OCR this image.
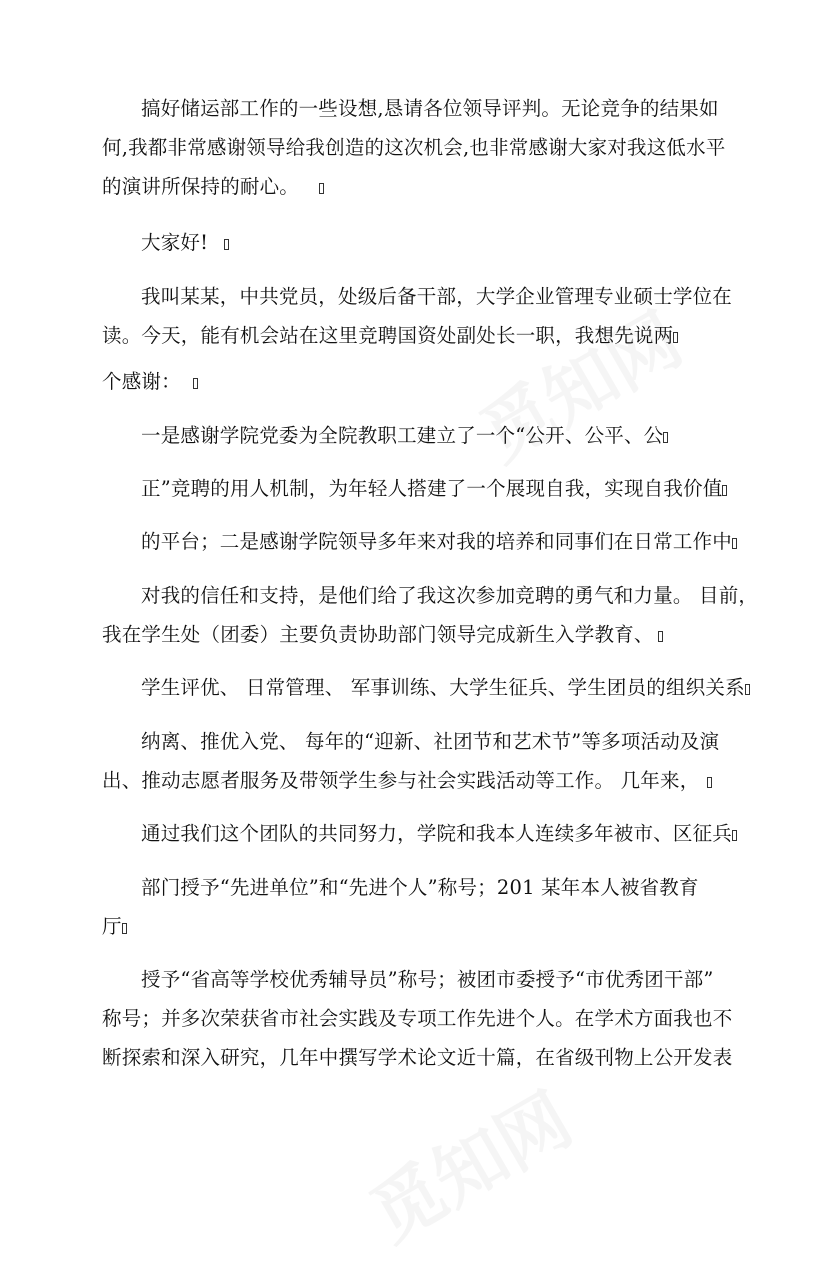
搞好储运部工作的一些设想,恳请各位领导评判。无论竞争的结果如
何,我都非常感谢领导给我创造的这次机会,也非常感谢大家对我这低水平
的演讲所保持的耐心。
大家好!
我叫某某，中共党员，处级后备干部，大学企业管理专业硕士学位在
读。今天，能有机会站在这里竞聘国资处副处长一职，我想先说两
个感谢：
一是感谢学院党委为全院教职工建立了一个“公开、公平、公
正”竞聘的用人机制，为年轻人搭建了一个展现自我，实现自我价值
的平台；二是感谢学院领导多年来对我的培养和同事们在日常工作中
对我的信任和支持，是他们给了我这次参加竞聘的勇气和力量。 目前，
我在学生处（团委）主要负责协助部门领导完成新生入学教育、
学生评优、 日常管理、 军事训练、大学生征兵、学生团员的组织关系
纳离、推优入党、 每年的“迎新、社团节和艺术节”等多项活动及演
出、推动志愿者服务及带领学生参与社会实践活动等工作。 几年来，
通过我们这个团队的共同努力，学院和我本人连续多年被市、区征兵
部门授予“先进单位”和“先进个人”称号；201 某年本人被省教育
厅
授予“省高等学校优秀辅导员”称号；被团市委授予“市优秀团干部”
称号；并多次荣获省市社会实践及专项工作先进个人。在学术方面我也不
断探索和深入研究，几年中撰写学术论文近十篇，在省级刊物上公开发表
